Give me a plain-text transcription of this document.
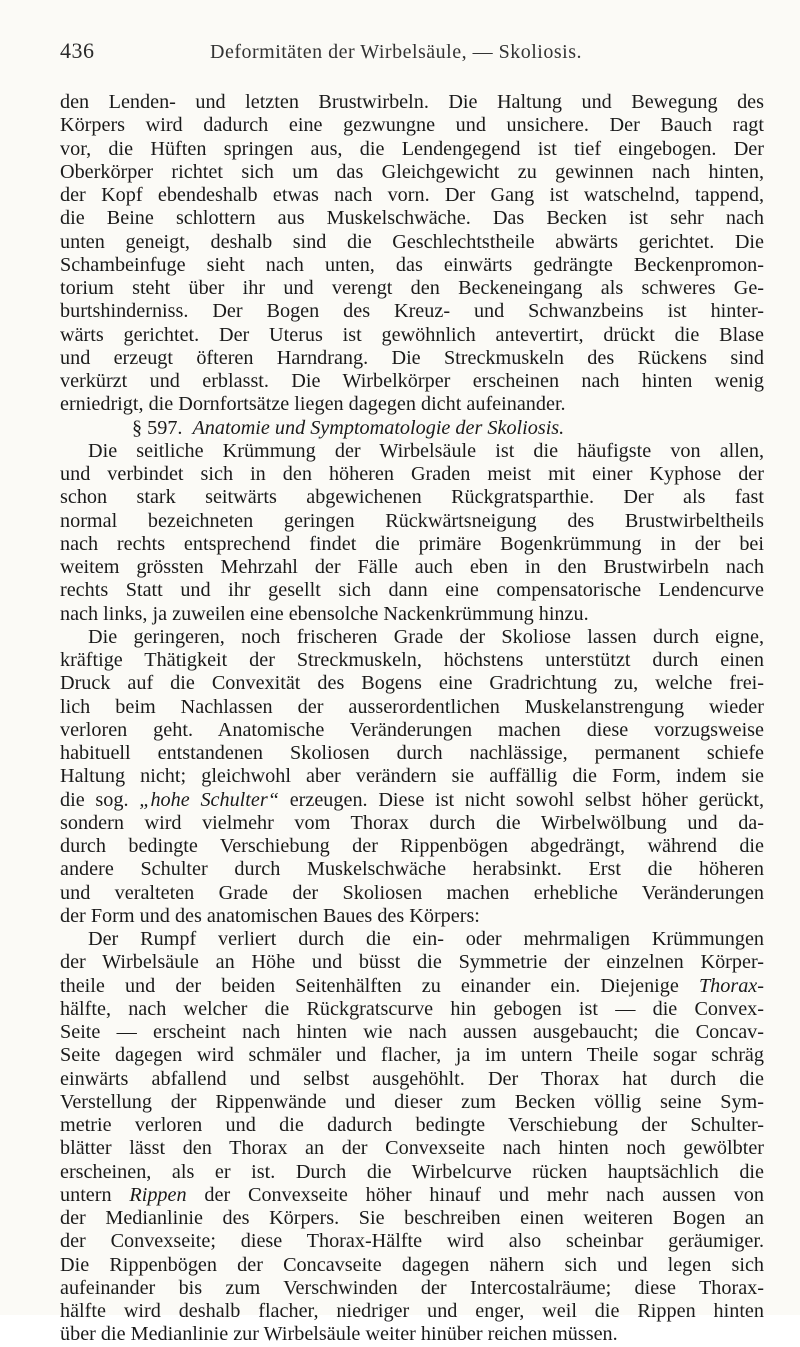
436	Deformitäten der Wirbelsäule, — Skoliosis.
den Lenden- und letzten Brustwirbeln. Die Haltung und Bewegung des
Körpers wird dadurch eine gezwungne und unsichere. Der Bauch ragt
vor, die Hüften springen aus, die Lendengegend ist tief eingebogen. Der
Oberkörper richtet sich um das Gleichgewicht zu gewinnen nach hinten,
der Kopf ebendeshalb etwas nach vorn. Der Gang ist watschelnd, tappend,
die Beine schlottern aus Muskelschwäche. Das Becken ist sehr nach
unten geneigt, deshalb sind die Geschlechtstheile abwärts gerichtet. Die
Schambeinfuge sieht nach unten, das einwärts gedrängte Beckenpromon-
torium steht über ihr und verengt den Beckeneingang als schweres Ge-
burtshinderniss. Der Bogen des Kreuz- und Schwanzbeins ist hinter-
wärts gerichtet. Der Uterus ist gewöhnlich antevertirt, drückt die Blase
und erzeugt öfteren Harndrang. Die Streckmuskeln des Rückens sind
verkürzt und erblasst. Die Wirbelkörper erscheinen nach hinten wenig
erniedrigt, die Dornfortsätze liegen dagegen dicht aufeinander.
§ 597. Anatomie und Symptomatologie der Skoliosis.
Die seitliche Krümmung der Wirbelsäule ist die häufigste von allen,
und verbindet sich in den höheren Graden meist mit einer Kyphose der
schon stark seitwärts abgewichenen Rückgratsparthie. Der als fast
normal bezeichneten geringen Rückwärtsneigung des Brustwirbeltheils
nach rechts entsprechend findet die primäre Bogenkrümmung in der bei
weitem grössten Mehrzahl der Fälle auch eben in den Brustwirbeln nach
rechts Statt und ihr gesellt sich dann eine compensatorische Lendencurve
nach links, ja zuweilen eine ebensolche Nackenkrümmung hinzu.
Die geringeren, noch frischeren Grade der Skoliose lassen durch eigne,
kräftige Thätigkeit der Streckmuskeln, höchstens unterstützt durch einen
Druck auf die Convexität des Bogens eine Gradrichtung zu, welche frei-
lich beim Nachlassen der ausserordentlichen Muskelanstrengung wieder
verloren geht. Anatomische Veränderungen machen diese vorzugsweise
habituell entstandenen Skoliosen durch nachlässige, permanent schiefe
Haltung nicht; gleichwohl aber verändern sie auffällig die Form, indem sie
die sog. „hohe Schulter“ erzeugen. Diese ist nicht sowohl selbst höher gerückt,
sondern wird vielmehr vom Thorax durch die Wirbelwölbung und da-
durch bedingte Verschiebung der Rippenbögen abgedrängt, während die
andere Schulter durch Muskelschwäche herabsinkt. Erst die höheren
und veralteten Grade der Skoliosen machen erhebliche Veränderungen
der Form und des anatomischen Baues des Körpers:
Der Rumpf verliert durch die ein- oder mehrmaligen Krümmungen
der Wirbelsäule an Höhe und büsst die Symmetrie der einzelnen Körper-
theile und der beiden Seitenhälften zu einander ein. Diejenige Thorax-
hälfte, nach welcher die Rückgratscurve hin gebogen ist — die Convex-
Seite — erscheint nach hinten wie nach aussen ausgebaucht; die Concav-
Seite dagegen wird schmäler und flacher, ja im untern Theile sogar schräg
einwärts abfallend und selbst ausgehöhlt. Der Thorax hat durch die
Verstellung der Rippenwände und dieser zum Becken völlig seine Sym-
metrie verloren und die dadurch bedingte Verschiebung der Schulter-
blätter lässt den Thorax an der Convexseite nach hinten noch gewölbter
erscheinen, als er ist. Durch die Wirbelcurve rücken hauptsächlich die
untern Rippen der Convexseite höher hinauf und mehr nach aussen von
der Medianlinie des Körpers. Sie beschreiben einen weiteren Bogen an
der Convexseite; diese Thorax-Hälfte wird also scheinbar geräumiger.
Die Rippenbögen der Concavseite dagegen nähern sich und legen sich
aufeinander bis zum Verschwinden der Intercostalräume; diese Thorax-
hälfte wird deshalb flacher, niedriger und enger, weil die Rippen hinten
über die Medianlinie zur Wirbelsäule weiter hinüber reichen müssen.
